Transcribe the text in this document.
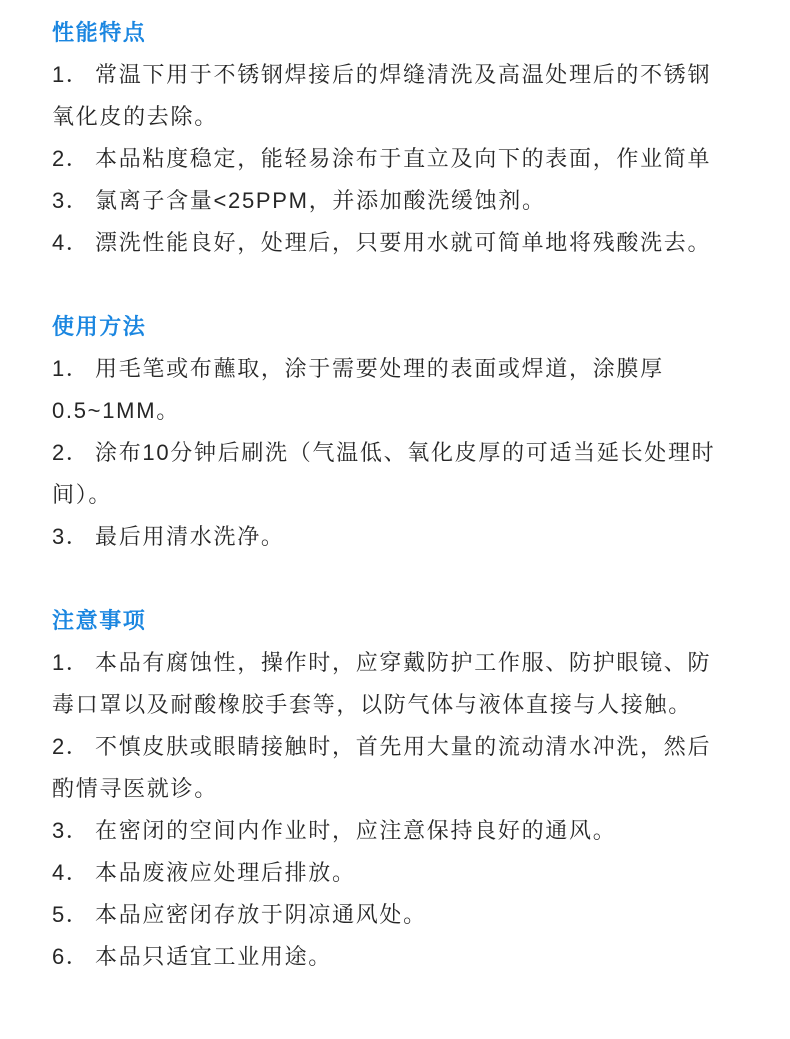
性能特点
1． 常温下用于不锈钢焊接后的焊缝清洗及高温处理后的不锈钢
氧化皮的去除。
2． 本品粘度稳定，能轻易涂布于直立及向下的表面，作业简单
3． 氯离子含量<25PPM，并添加酸洗缓蚀剂。
4． 漂洗性能良好，处理后，只要用水就可简单地将残酸洗去。
使用方法
1． 用毛笔或布蘸取，涂于需要处理的表面或焊道，涂膜厚
0.5~1MM。
2． 涂布10分钟后刷洗（气温低、氧化皮厚的可适当延长处理时
间）。
3． 最后用清水洗净。
注意事项
1． 本品有腐蚀性，操作时，应穿戴防护工作服、防护眼镜、防
毒口罩以及耐酸橡胶手套等，以防气体与液体直接与人接触。
2． 不慎皮肤或眼睛接触时，首先用大量的流动清水冲洗，然后
酌情寻医就诊。
3． 在密闭的空间内作业时，应注意保持良好的通风。
4． 本品废液应处理后排放。
5． 本品应密闭存放于阴凉通风处。
6． 本品只适宜工业用途。
